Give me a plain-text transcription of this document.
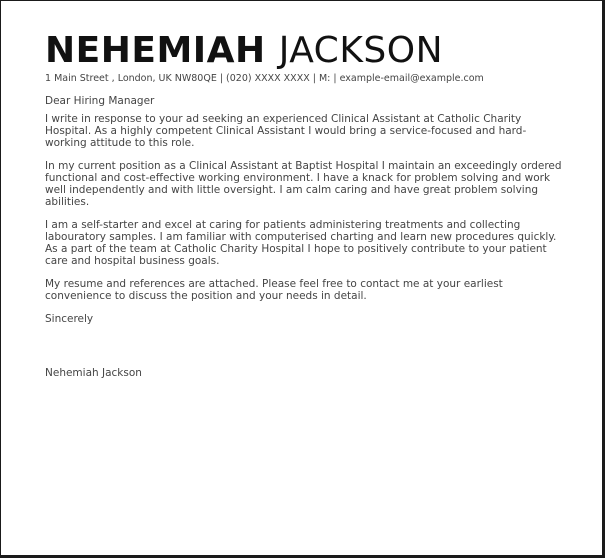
NEHEMIAH JACKSON
1 Main Street , London, UK NW80QE | (020) XXXX XXXX | M: | example-email@example.com

Dear Hiring Manager

I write in response to your ad seeking an experienced Clinical Assistant at Catholic Charity Hospital. As a highly competent Clinical Assistant I would bring a service-focused and hard-working attitude to this role.

In my current position as a Clinical Assistant at Baptist Hospital I maintain an exceedingly ordered functional and cost-effective working environment. I have a knack for problem solving and work well independently and with little oversight. I am calm caring and have great problem solving abilities.

I am a self-starter and excel at caring for patients administering treatments and collecting labouratory samples. I am familiar with computerised charting and learn new procedures quickly. As a part of the team at Catholic Charity Hospital I hope to positively contribute to your patient care and hospital business goals.

My resume and references are attached. Please feel free to contact me at your earliest convenience to discuss the position and your needs in detail.

Sincerely

Nehemiah Jackson
